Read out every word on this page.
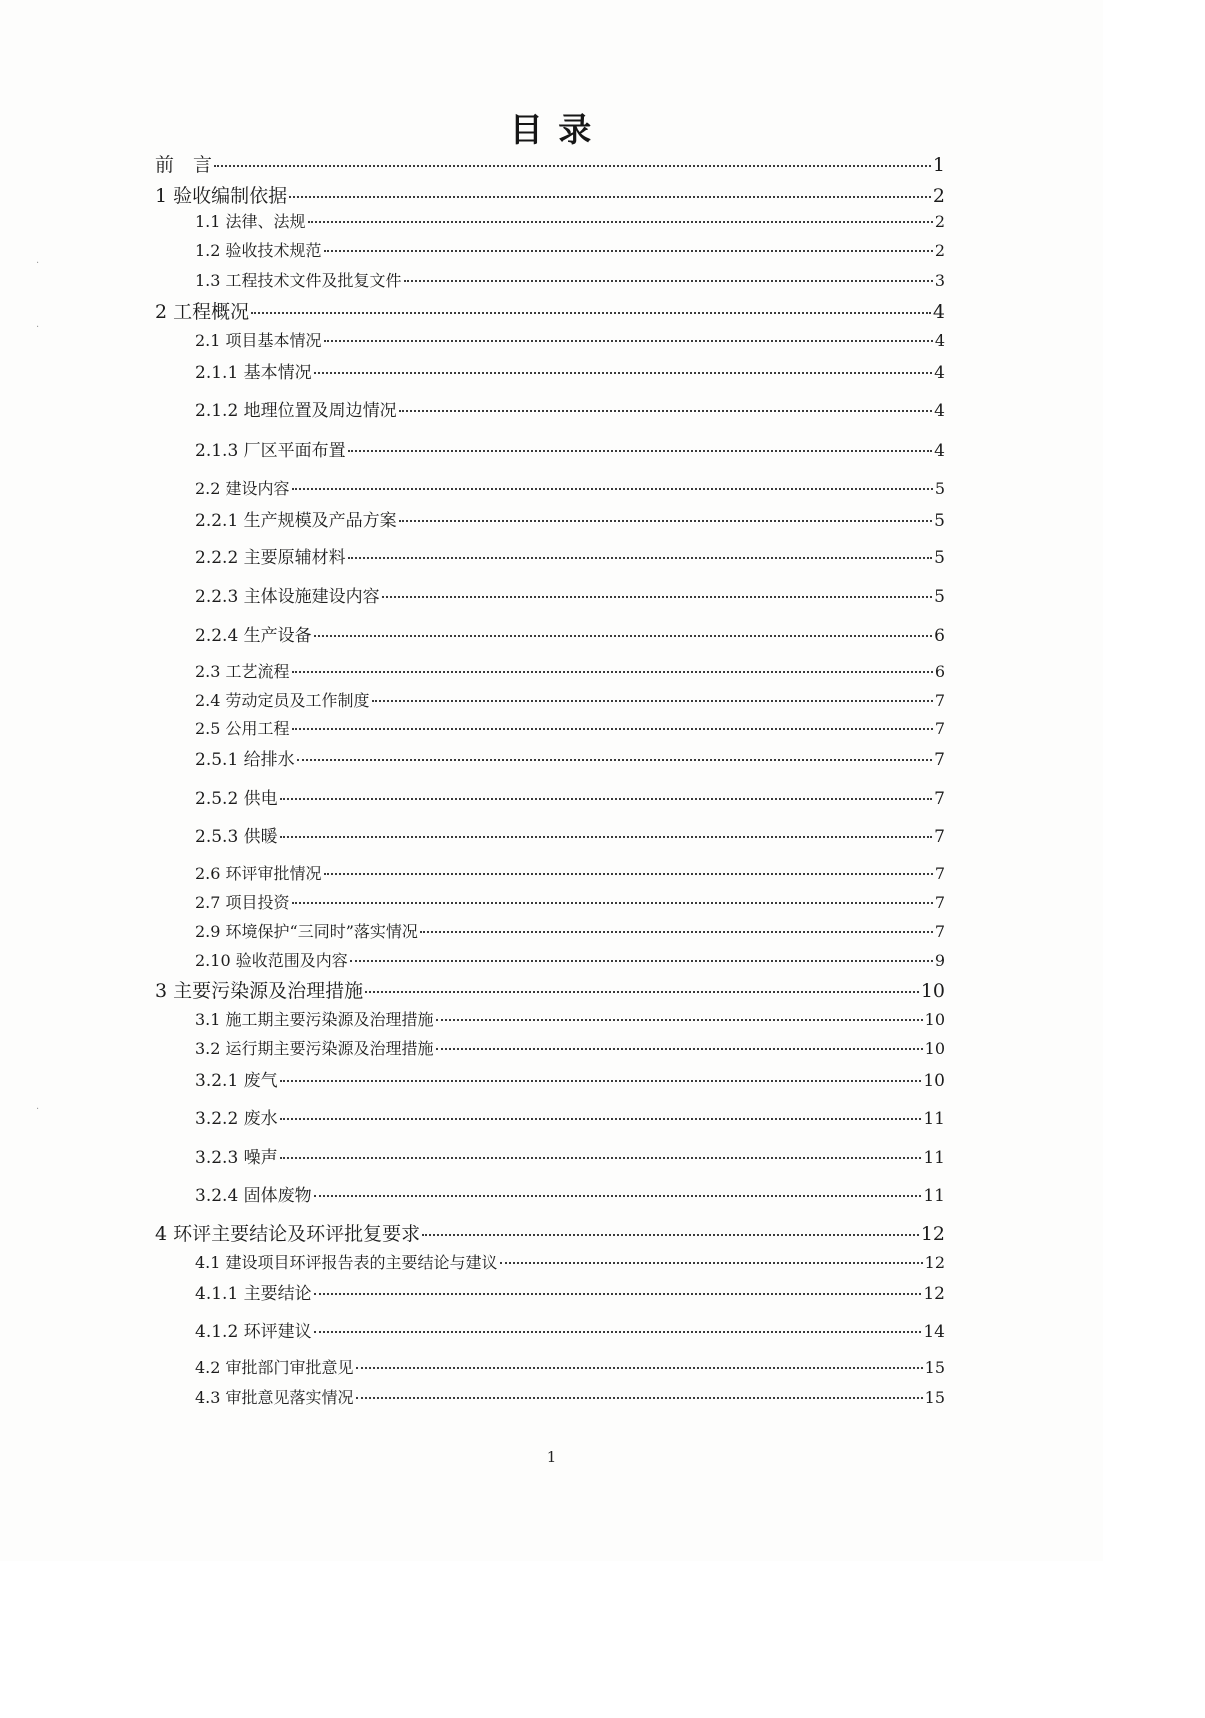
目 录
前　言	1
1 验收编制依据	2
1.1 法律、法规	2
1.2 验收技术规范	2
1.3 工程技术文件及批复文件	3
2 工程概况	4
2.1 项目基本情况	4
2.1.1 基本情况	4
2.1.2 地理位置及周边情况	4
2.1.3 厂区平面布置	4
2.2 建设内容	5
2.2.1 生产规模及产品方案	5
2.2.2 主要原辅材料	5
2.2.3 主体设施建设内容	5
2.2.4 生产设备	6
2.3 工艺流程	6
2.4 劳动定员及工作制度	7
2.5 公用工程	7
2.5.1 给排水	7
2.5.2 供电	7
2.5.3 供暖	7
2.6 环评审批情况	7
2.7 项目投资	7
2.9 环境保护“三同时”落实情况	7
2.10 验收范围及内容	9
3 主要污染源及治理措施	10
3.1 施工期主要污染源及治理措施	10
3.2 运行期主要污染源及治理措施	10
3.2.1 废气	10
3.2.2 废水	11
3.2.3 噪声	11
3.2.4 固体废物	11
4 环评主要结论及环评批复要求	12
4.1 建设项目环评报告表的主要结论与建议	12
4.1.1 主要结论	12
4.1.2 环评建议	14
4.2 审批部门审批意见	15
4.3 审批意见落实情况	15
1
·
·
·
